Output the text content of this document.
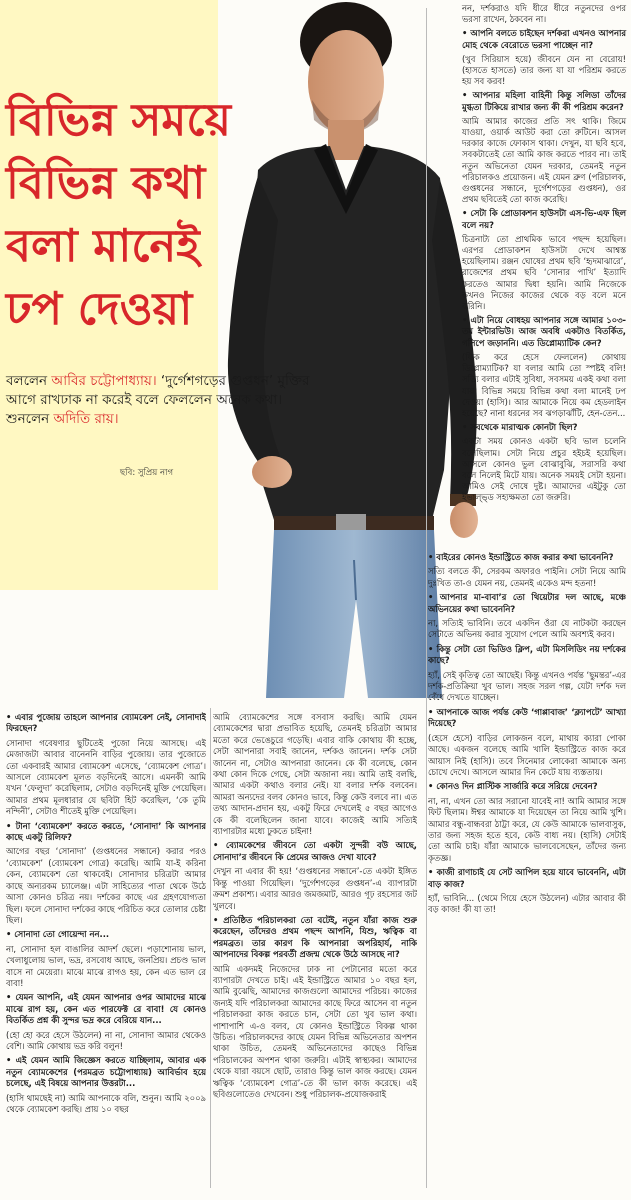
বিভিন্ন সময়ে
বিভিন্ন কথা
বলা মানেই
ঢপ দেওয়া
বললেন আবির চট্টোপাধ্যায়। ‘দুর্গেশগড়ের গুপ্তধন’ মুক্তির আগে রাখঢাক না করেই বলে ফেললেন অনেক কথা। শুনলেন অদিতি রায়।
ছবি: সুপ্রিয় নাগ

নন, দর্শকরাও যদি ধীরে ধীরে নতুনদের ওপর ভরসা রাখেন, ঠকবেন না।

• আপনি বলতে চাইছেন দর্শকরা এখনও আপনার মোহ থেকে বেরোতে ভরসা পাচ্ছেন না?

(খুব সিরিয়াস হয়ে) জীবনে যেন না বেরোয়! (হাসতে হাসতে) তার জন্য যা যা পরিশ্রম করতে হয় সব করব!

• আপনার মহিলা বাহিনী কিন্তু সলিডা তাঁদের মুগ্ধতা টিকিয়ে রাখার জন্য কী কী পরিশ্রম করেন?

আমি আমার কাজের প্রতি সৎ থাকি। জিমে যাওয়া, ওয়ার্ক আউট করা তো রুটিনে। আসল দরকার কাজে ফোকাস থাকা। দেখুন, যা ছবি হবে, সবকটাতেই তো আমি কাজ করতে পারব না। তাই নতুন অভিনেতা যেমন দরকার, তেমনই নতুন পরিচালকও প্রয়োজন। এই যেমন ব্রুণ (পরিচালক, গুপ্তধনের সন্ধানে, দুর্গেশগড়ের গুপ্তধন), ওর প্রথম ছবিতেই তো কাজ করেছি।

• সেটা কি প্রোডাকশন হাউসটা এস-ভি-এফ ছিল বলে নয়?

চিত্রনাট্য তো প্রাথমিক ভাবে পছন্দ হয়েছিল। এরপর প্রোডাকশন হাউসটা দেখে আশ্বস্ত হয়েছিলাম। রঞ্জন ঘোষের প্রথম ছবি ‘হৃদমাঝারে’, রাজেশের প্রথম ছবি ‘সোনার পাখি’ ইত্যাদি করতেও আমার দ্বিধা হয়নি। আমি নিজেকে কখনও নিজের কাজের থেকে বড় বলে মনে করিনি।

• এটা নিয়ে বোধহয় আপনার সঙ্গে আমার ১০৩-তম ইন্টারভিউ। আজ অবধি একটাও বিতর্কিত, গসিপে জড়াননি। এত ডিপ্লোম্যাটিক কেন?

(ফিক করে হেসে ফেললেন) কোথায় ডিপ্লোম্যাটিক? যা বলার আমি তো স্পষ্টই বলি! সত্যি বলার এটাই সুবিধা, সবসময় একই কথা বলা যায়। বিভিন্ন সময়ে বিভিন্ন কথা বলা মানেই ঢপ দেওয়া (হাসি)। আর আমাকে নিয়ে কম হেডলাইন হয়েছে? নানা ধরনের সব ঝগড়াঝাঁটি, হেন-তেন...

• সবথেকে মারাত্মক কোনটা ছিল?

একটা সময় কোনও একটা ছবি ভাল চলেনি বলেছিলাম। সেটা নিয়ে প্রচুর হইচই হয়েছিল। আসলে কোনও ভুল বোঝাবুঝি, সরাসরি কথা বলে নিলেই মিটে যায়। অনেক সময়ই সেটা হয়না। আমিও সেই দোষে দুষ্ট। আমাদের এইটুকু তো ইভাল্ভ্ড সহ্যক্ষমতা তো জরুরি।

• এবার পুজোয় তাহলে আপনার ব্যোমকেশ নেই, সোনাদাই ফিরছেন?

সোনাদা গবেষণার ছুটিতেই পুজো নিয়ে আসছে। এই মেজাজটা আবার বানেননি বাড়ির পুজোয়। তার পুজোতে তো একবারই আমার ব্যোমকেশ এসেছে, ‘ব্যোমকেশ গোত্র’। আসলে ব্যোমকেশ মূলত বড়দিনেই আসে। এমনকী আমি যখন ‘ফেলুদা’ করেছিলাম, সেটাও বড়দিনেই মুক্তি পেয়েছিল। আমার প্রথম মূলধারার যে ছবিটা হিট করেছিল, ‘কে তুমি নন্দিনী’, সেটাও শীতেই মুক্তি পেয়েছিল।

• টানা ‘ব্যোমকেশ’ করতে করতে, ‘সোনাদা’ কি আপনার কাছে একটু রিলিফ?

আগের বছর ‘সোনাদা’ (গুপ্তধনের সন্ধানে) করার পরও ‘ব্যোমকেশ’ (ব্যোমকেশ গোত্র) করেছি। আমি যা-ই করিনা কেন, ব্যোমকেশ তো থাকবেই। সোনাদার চরিত্রটা আমার কাছে অন্যরকম চ্যালেঞ্জ। এটা সাহিত্যের পাতা থেকে উঠে আসা কোনও চরিত্র নয়। দর্শকের কাছে এর গ্রহণযোগ্যতা ছিল। ফলে সোনাদা দর্শকের কাছে পরিচিত করে তোলার চেষ্টা ছিল।

• সোনাদা তো গোয়েন্দা নন...

না, সোনাদা হল বাঙালির আদর্শ ছেলে। পড়াশোনায় ভাল, খেলাধুলোয় ভাল, ভদ্র, রসবোধ আছে, জনপ্রিয়। প্রচণ্ড ভাল বাসে না মেয়েরা। মাঝে মাঝে রাগও হয়, কেন এত ভাল রে বাবা!

• যেমন আপনি, এই যেমন আপনার ওপর আমাদের মাঝে মাঝে রাগ হয়, কেন এত পারফেক্ট রে বাবা! যে কোনও বিতর্কিত প্রশ্ন কী সুন্দর ভদ্র করে বেরিয়ে যান...

(হো হো করে হেসে উঠলেন) না না, সোনাদা আমার থেকেও বেশি। আমি কোথায় ভদ্র করি বলুন!

• এই যেমন আমি জিজ্ঞেস করতে যাচ্ছিলাম, আবার এক নতুন ব্যোমকেশের (পরমব্রত চট্টোপাধ্যায়) আবির্ভাব হয়ে চলেছে, এই বিষয়ে আপনার উত্তরটা...

(হাসি থামছেই না) আমি আপনাকে বলি, শুনুন। আমি ২০০৯ থেকে ব্যোমকেশ করছি। প্রায় ১০ বছর

আমি ব্যোমকেশের সঙ্গে বসবাস করছি। আমি যেমন ব্যোমকেশের দ্বারা প্রভাবিত হয়েছি, তেমনই চরিত্রটা আমার মতো করে ভেঙেচুরে গড়েছি। এবার বাকি কোথায় কী হচ্ছে, সেটা আপনারা সবাই জানেন, দর্শকও জানেন। দর্শক সেটা জানেন না, সেটাও আপনারা জানেন। কে কী বলেছে, কোন কথা কোন দিকে গেছে, সেটা অজানা নয়। আমি তাই বলছি, আমার একটা কথাও বলার নেই। যা বলার দর্শক বলবেন। আমরা অন্যদের বলব কোনও ভাবে, কিন্তু কেউ বলবে না। এত তথ্য আদান-প্রদান হয়, একটু ফিরে দেখলেই ৫ বছর আগেও কে কী বলেছিলেন জানা যাবে। কাজেই আমি সত্যিই ব্যাপারটার মধ্যে ঢুকতে চাইনা!

• ব্যোমকেশের জীবনে তো একটা সুন্দরী বউ আছে, সোনাদা’র জীবনে কি প্রেমের আজও দেখা যাবে?

দেখুন না এবার কী হয়! ‘গুপ্তধনের সন্ধানে’-তে একটা ইঙ্গিত কিন্তু পাওয়া গিয়েছিল। ‘দুর্গেশগড়ের গুপ্তধন’-এ ব্যাপারটা ক্রমশ প্রকাশ্য। এবার আরও জমজমাট, আরও গূঢ় রহস্যের জট খুলবে।

• প্রতিষ্ঠিত পরিচালকরা তো বটেই, নতুন যাঁরা কাজ শুরু করেছেন, তাঁদেরও প্রথম পছন্দ আপনি, যিশু, ঋত্বিক বা পরমব্রত। তার কারণ কি আপনারা অপরিহার্য, নাকি আপনাদের বিকল্প পরবর্তী প্রজন্ম থেকে উঠে আসছে না?

আমি একদমই নিজেদের ঢাক না পেটানোর মতো করে ব্যাপারটা দেখতে চাই। এই ইন্ডাস্ট্রিতে আমার ১০ বছর হল, আমি বুঝেছি, আমাদের কাজগুলো আমাদের পরিচয়। কাজের জন্যই যদি পরিচালকরা আমাদের কাছে ফিরে আসেন বা নতুন পরিচালকরা কাজ করতে চান, সেটা তো খুব ভাল কথা। পাশাপাশি এ-ও বলব, যে কোনও ইন্ডাস্ট্রিতে বিকল্প থাকা উচিত। পরিচালকদের কাছে যেমন বিভিন্ন অভিনেতার অপশন থাকা উচিত, তেমনই অভিনেতাদের কাছেও বিভিন্ন পরিচালকের অপশন থাকা জরুরি। এটাই স্বাস্থ্যকর। আমাদের থেকে যারা বয়সে ছোট, তারাও কিন্তু ভাল কাজ করছে। যেমন ঋত্বিক ‘ব্যোমকেশ গোত্র’-তে কী ভাল কাজ করেছে। এই ছবিগুলোতেও দেখবেন। শুধু পরিচালক-প্রযোজকরাই

• বাইরের কোনও ইন্ডাস্ট্রিতে কাজ করার কথা ভাবেননি?

সত্যি বলতে কী, সেরকম অফারও পাইনি। সেটা নিয়ে আমি দুঃখিত তা-ও যেমন নয়, তেমনই একেও মন্দ হতনা!

• আপনার মা-বাবা’র তো থিয়েটার দল আছে, মঞ্চে অভিনয়ের কথা ভাবেননি?

না, সত্যিই ভাবিনি। তবে একদিন ওঁরা যে নাটকটা করছেন সেটাতে অভিনয় করার সুযোগ পেলে আমি অবশ্যই করব।

• কিন্তু সেটা তো ভিডিও ক্লিপ, এটা মিসলিডিং নয় দর্শকের কাছে?

হ্যাঁ, সেই কৃতিত্ব তো আছেই। কিন্তু এখনও পর্যন্ত ‘ছুমন্তর’-এর দর্শক-প্রতিক্রিয়া খুব ভাল। সহজ সরল গল্প, যেটা দর্শক দল বেঁধে দেখতে যাচ্ছেন।

• আপনাকে আজ পর্যন্ত কেউ ‘গাপ্পাবাজ’ ‘ক্ল্যাপটে’ আখ্যা দিয়েছে?

(হেসে হেসে) বাড়ির লোকজন বলে, মাথায় ক্যারা পোকা আছে। একজন বলেছে আমি খালি ইন্ডাস্ট্রিতে কাজ করে আয়াস নিই (হাসি)। তবে সিনেমার লোকেরা আমাকে অন্য চোখে দেখে। আসলে আমার দিন কেটে যায় ব্যস্ততায়।

• কোনও দিন প্লাস্টিক সার্জারি করে সরিয়ে দেবেন?

না, না, এখন তো আর সরানো যাবেই না! আমি আমার সঙ্গে ফিট ছিলাম। ঈশ্বর আমাকে যা দিয়েছেন তা নিয়ে আমি খুশি। আমার বন্ধু-বান্ধবরা ঠাট্টা করে, যে কেউ আমাকে ভালবাসুক, তার জন্য সহজ হতে হবে, কেউ বাধ্য নয়। (হাসি) সেটাই তো আমি চাই। যাঁরা আমাকে ভালবেসেছেন, তাঁদের জন্য কৃতজ্ঞ।

• কাজী রাণাচাই যে সেট আপিল হয়ে যাবে ভাবেননি, এটা বাড় কাজ?

হ্যাঁ, ভাবিনি... (থেমে গিয়ে হেসে উঠলেন) এটার আবার কী বড় কাজ! কী যা তা!
